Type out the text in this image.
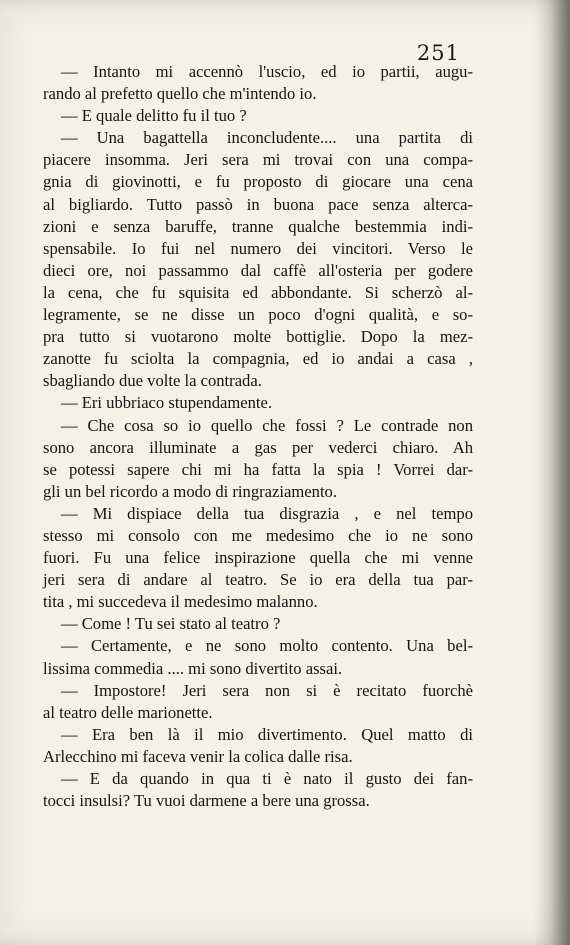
251
— Intanto mi accennò l'uscio, ed io partii, augu-
rando al prefetto quello che m'intendo io.
— E quale delitto fu il tuo ?
— Una bagattella inconcludente.... una partita di
piacere insomma. Jeri sera mi trovai con una compa-
gnia di giovinotti, e fu proposto di giocare una cena
al bigliardo. Tutto passò in buona pace senza alterca-
zioni e senza baruffe, tranne qualche bestemmia indi-
spensabile. Io fui nel numero dei vincitori. Verso le
dieci ore, noi passammo dal caffè all'osteria per godere
la cena, che fu squisita ed abbondante. Si scherzò al-
legramente, se ne disse un poco d'ogni qualità, e so-
pra tutto si vuotarono molte bottiglie. Dopo la mez-
zanotte fu sciolta la compagnia, ed io andai a casa ,
sbagliando due volte la contrada.
— Eri ubbriaco stupendamente.
— Che cosa so io quello che fossi ? Le contrade non
sono ancora illuminate a gas per vederci chiaro. Ah
se potessi sapere chi mi ha fatta la spia ! Vorrei dar-
gli un bel ricordo a modo di ringraziamento.
— Mi dispiace della tua disgrazia , e nel tempo
stesso mi consolo con me medesimo che io ne sono
fuori. Fu una felice inspirazione quella che mi venne
jeri sera di andare al teatro. Se io era della tua par-
tita , mi succedeva il medesimo malanno.
— Come ! Tu sei stato al teatro ?
— Certamente, e ne sono molto contento. Una bel-
lissima commedia .... mi sono divertito assai.
— Impostore! Jeri sera non si è recitato fuorchè
al teatro delle marionette.
— Era ben là il mio divertimento. Quel matto di
Arlecchino mi faceva venir la colica dalle risa.
— E da quando in qua ti è nato il gusto dei fan-
tocci insulsi? Tu vuoi darmene a bere una grossa.
